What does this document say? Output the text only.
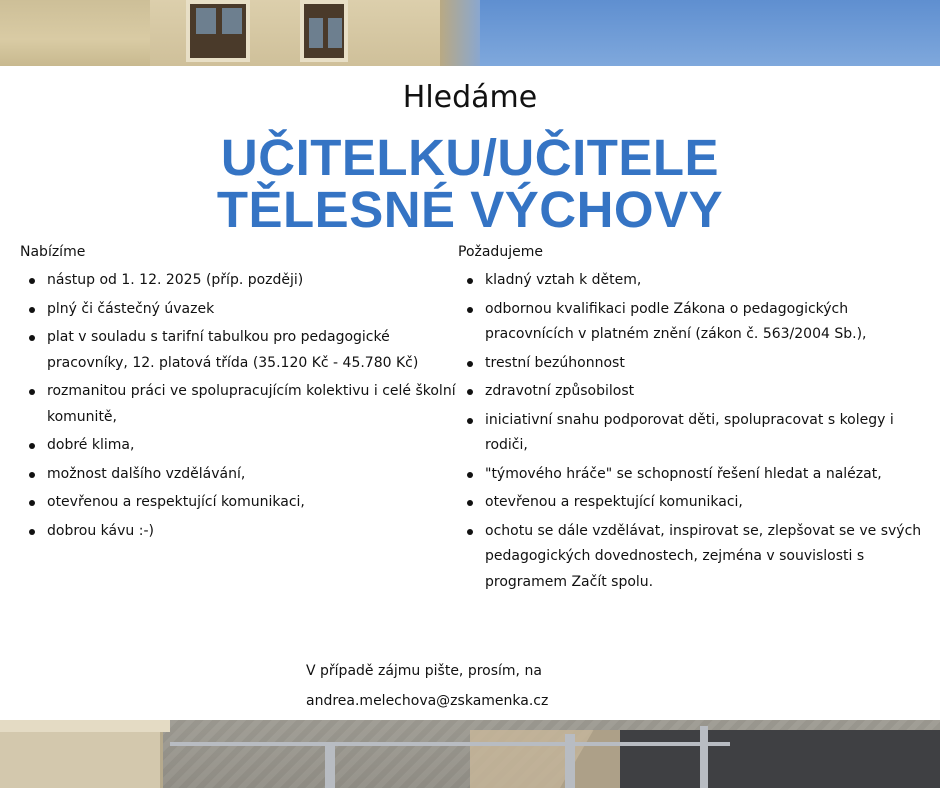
Hledáme
UČITELKU/UČITELE TĚLESNÉ VÝCHOVY
Nabízíme
nástup od 1. 12. 2025 (příp. později)
plný či částečný úvazek
plat v souladu s tarifní tabulkou pro pedagogické pracovníky, 12. platová třída (35.120 Kč - 45.780 Kč)
rozmanitou práci ve spolupracujícím kolektivu i celé školní komunitě,
dobré klima,
možnost dalšího vzdělávání,
otevřenou a respektující komunikaci,
dobrou kávu :-)
Požadujeme
kladný vztah k dětem,
odbornou kvalifikaci podle Zákona o pedagogických pracovnících v platném znění (zákon č. 563/2004 Sb.),
trestní bezúhonnost
zdravotní způsobilost
iniciativní snahu podporovat děti, spolupracovat s kolegy i rodiči,
"týmového hráče" se schopností řešení hledat a nalézat,
otevřenou a respektující komunikaci,
ochotu se dále vzdělávat, inspirovat se, zlepšovat se ve svých pedagogických dovednostech, zejména v souvislosti s programem Začít spolu.
V případě zájmu pište, prosím, na
andrea.melechova@zskamenka.cz
